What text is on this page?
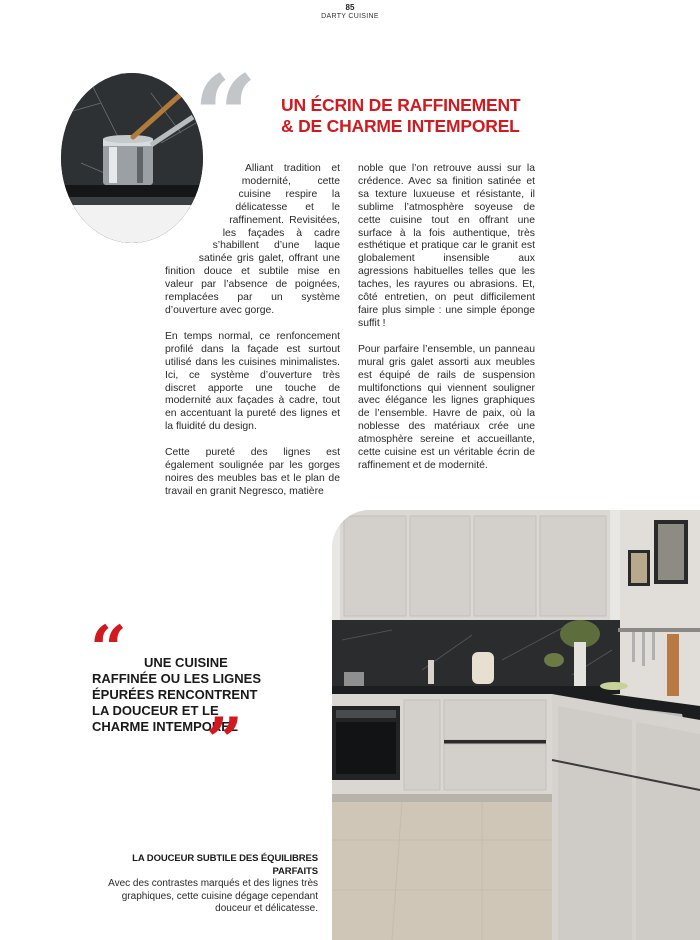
85
DARTY CUISINE
“ UN ÉCRIN DE RAFFINEMENT
& DE CHARME INTEMPOREL

Alliant tradition et modernité, cette cuisine respire la délicatesse et le raffinement. Revisitées, les façades à cadre s’habillent d’une laque satinée gris galet, offrant une finition douce et subtile mise en valeur par l’absence de poignées, remplacées par un système d’ouverture avec gorge.

En temps normal, ce renfoncement profilé dans la façade est surtout utilisé dans les cuisines minimalistes. Ici, ce système d’ouverture très discret apporte une touche de modernité aux façades à cadre, tout en accentuant la pureté des lignes et la fluidité du design.

Cette pureté des lignes est également soulignée par les gorges noires des meubles bas et le plan de travail en granit Negresco, matière

noble que l’on retrouve aussi sur la crédence. Avec sa finition satinée et sa texture luxueuse et résistante, il sublime l’atmosphère soyeuse de cette cuisine tout en offrant une surface à la fois authentique, très esthétique et pratique car le granit est globalement insensible aux agressions habituelles telles que les taches, les rayures ou abrasions. Et, côté entretien, on peut difficilement faire plus simple : une simple éponge suffit !

Pour parfaire l’ensemble, un panneau mural gris galet assorti aux meubles est équipé de rails de suspension multifonctions qui viennent souligner avec élégance les lignes graphiques de l’ensemble. Havre de paix, où la noblesse des matériaux crée une atmosphère sereine et accueillante, cette cuisine est un véritable écrin de raffinement et de modernité.

“	UNE CUISINE
RAFFINÉE OU LES LIGNES ÉPURÉES RENCONTRENT LA DOUCEUR ET LE CHARME INTEMPOREL
”
LA DOUCEUR SUBTILE DES ÉQUILIBRES PARFAITS
Avec des contrastes marqués et des lignes très graphiques, cette cuisine dégage cependant douceur et délicatesse.
